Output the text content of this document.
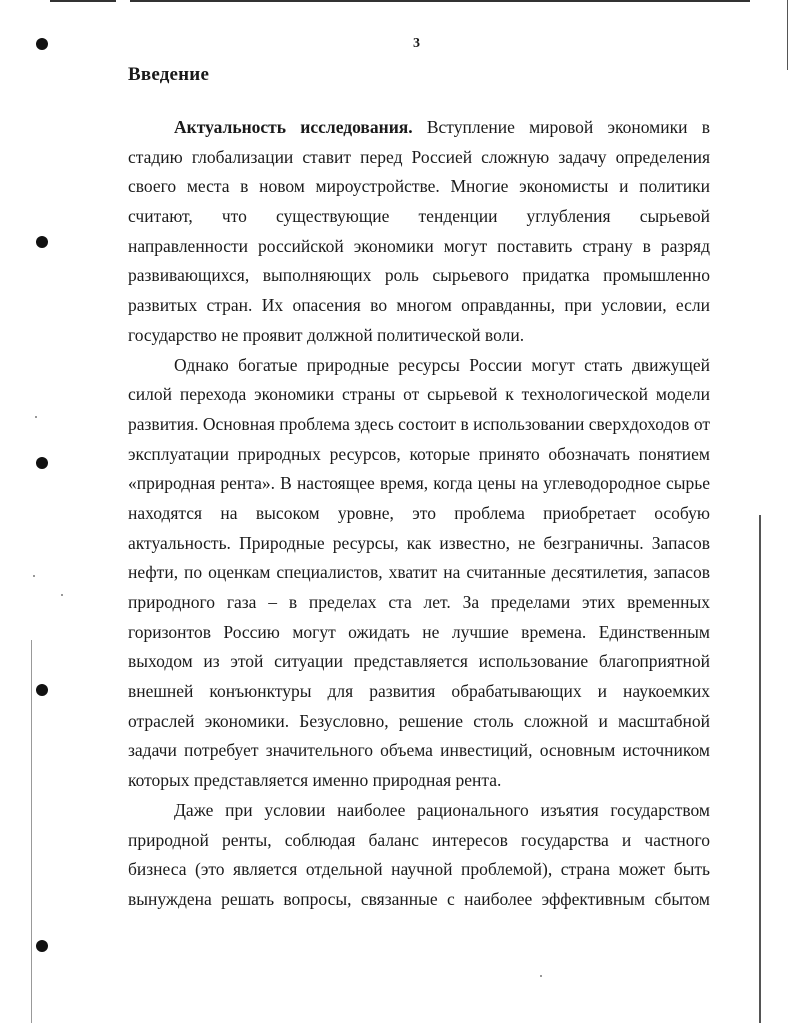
3
Введение
Актуальность исследования. Вступление мировой экономики в
стадию глобализации ставит перед Россией сложную задачу определения
своего места в новом мироустройстве. Многие экономисты и политики
считают, что существующие тенденции углубления сырьевой
направленности российской экономики могут поставить страну в разряд
развивающихся, выполняющих роль сырьевого придатка промышленно
развитых стран. Их опасения во многом оправданны, при условии, если
государство не проявит должной политической воли.
Однако богатые природные ресурсы России могут стать движущей
силой перехода экономики страны от сырьевой к технологической модели
развития. Основная проблема здесь состоит в использовании сверхдоходов от
эксплуатации природных ресурсов, которые принято обозначать понятием
«природная рента». В настоящее время, когда цены на углеводородное сырье
находятся на высоком уровне, это проблема приобретает особую
актуальность. Природные ресурсы, как известно, не безграничны. Запасов
нефти, по оценкам специалистов, хватит на считанные десятилетия, запасов
природного газа – в пределах ста лет. За пределами этих временных
горизонтов Россию могут ожидать не лучшие времена. Единственным
выходом из этой ситуации представляется использование благоприятной
внешней конъюнктуры для развития обрабатывающих и наукоемких
отраслей экономики. Безусловно, решение столь сложной и масштабной
задачи потребует значительного объема инвестиций, основным источником
которых представляется именно природная рента.
Даже при условии наиболее рационального изъятия государством
природной ренты, соблюдая баланс интересов государства и частного
бизнеса (это является отдельной научной проблемой), страна может быть
вынуждена решать вопросы, связанные с наиболее эффективным сбытом
